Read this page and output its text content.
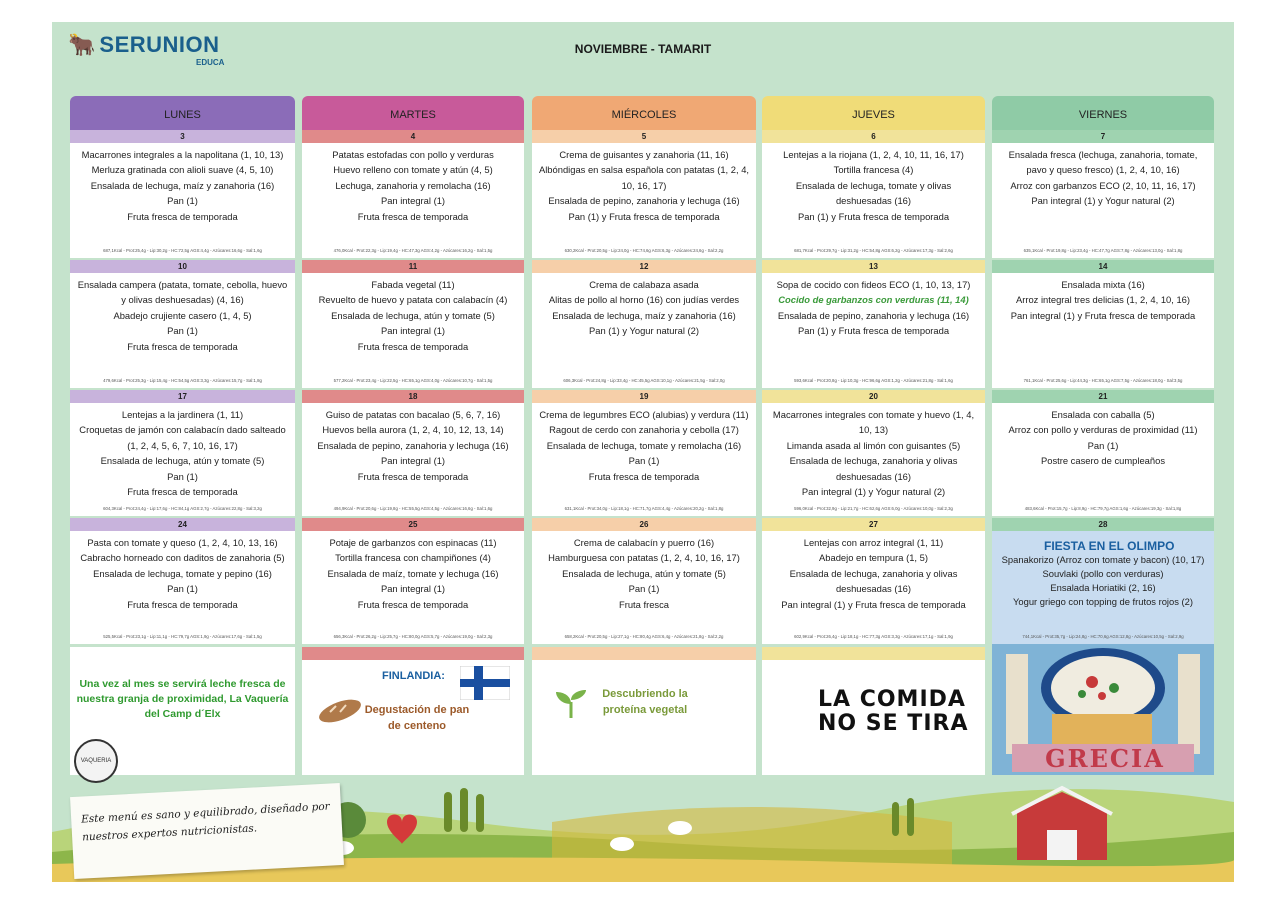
🐂 SERUNION
EDUCA
NOVIEMBRE - TAMARIT
LUNES	MARTES	MIÉRCOLES	JUEVES	VIERNES
3
Macarrones integrales a la napolitana (1, 10, 13)
Merluza gratinada con alioli suave (4, 5, 10)
Ensalada de lechuga, maíz y zanahoria (16)
Pan (1)
Fruta fresca de temporada
687,1Kcal - Prot:25,4g - Lip:30,2g - HC:72,5g AGS:4,4g - Azúcares:16,6g - Sal:1,6g
4
Patatas estofadas con pollo y verduras
Huevo relleno con tomate y atún (4, 5)
Lechuga, zanahoria y remolacha (16)
Pan integral (1)
Fruta fresca de temporada
476,0Kcal - Prot:22,3g - Lip:19,4g - HC:47,3g AGS:4,2g - Azúcares:16,2g - Sal:1,5g
5
Crema de guisantes y zanahoria (11, 16)
Albóndigas en salsa española con patatas (1, 2, 4, 10, 16, 17)
Ensalada de pepino, zanahoria y lechuga (16)
Pan (1) y Fruta fresca de temporada
630,2Kcal - Prot:20,5g - Lip:24,0g - HC:74,6g AGS:6,3g - Azúcares:24,6g - Sal:2,2g
6
Lentejas a la riojana (1, 2, 4, 10, 11, 16, 17)
Tortilla francesa (4)
Ensalada de lechuga, tomate y olivas deshuesadas (16)
Pan (1) y Fruta fresca de temporada
681,7Kcal - Prot:29,7g - Lip:31,2g - HC:54,8g AGS:6,2g - Azúcares:17,3g - Sal:2,6g
7
Ensalada fresca (lechuga, zanahoria, tomate, pavo y queso fresco) (1, 2, 4, 10, 16)
Arroz con garbanzos ECO (2, 10, 11, 16, 17)
Pan integral (1) y Yogur natural (2)
635,1Kcal - Prot:19,8g - Lip:23,4g - HC:47,7g AGS:7,8g - Azúcares:13,0g - Sal:1,8g
10
Ensalada campera (patata, tomate, cebolla, huevo y olivas deshuesadas) (4, 16)
Abadejo crujiente casero (1, 4, 5)
Pan (1)
Fruta fresca de temporada
479,6Kcal - Prot:25,3g - Lip:15,4g - HC:54,5g AGS:3,3g - Azúcares:15,7g - Sal:1,8g
11
Fabada vegetal (11)
Revuelto de huevo y patata con calabacín (4)
Ensalada de lechuga, atún y tomate (5)
Pan integral (1)
Fruta fresca de temporada
577,2Kcal - Prot:23,4g - Lip:22,5g - HC:65,1g AGS:4,0g - Azúcares:10,7g - Sal:1,5g
12
Crema de calabaza asada
Alitas de pollo al horno (16) con judías verdes
Ensalada de lechuga, maíz y zanahoria (16)
Pan (1) y Yogur natural (2)
606,3Kcal - Prot:24,8g - Lip:33,4g - HC:45,5g AGS:10,1g - Azúcares:21,5g - Sal:2,0g
13
Sopa de cocido con fideos ECO (1, 10, 13, 17)
Cocido de garbanzos con verduras (11, 14)
Ensalada de pepino, zanahoria y lechuga (16)
Pan (1) y Fruta fresca de temporada
593,6Kcal - Prot:20,8g - Lip:10,3g - HC:96,6g AGS:1,2g - Azúcares:21,8g - Sal:1,6g
14
Ensalada mixta (16)
Arroz integral tres delicias (1, 2, 4, 10, 16)
Pan integral (1) y Fruta fresca de temporada
761,1Kcal - Prot:25,6g - Lip:44,3g - HC:65,1g AGS:7,5g - Azúcares:18,0g - Sal:3,5g
17
Lentejas a la jardinera (1, 11)
Croquetas de jamón con calabacín dado salteado (1, 2, 4, 5, 6, 7, 10, 16, 17)
Ensalada de lechuga, atún y tomate (5)
Pan (1)
Fruta fresca de temporada
604,3Kcal - Prot:24,4g - Lip:17,6g - HC:84,1g AGS:2,7g - Azúcares:22,8g - Sal:3,2g
18
Guiso de patatas con bacalao (5, 6, 7, 16)
Huevos bella aurora (1, 2, 4, 10, 12, 13, 14)
Ensalada de pepino, zanahoria y lechuga (16)
Pan integral (1)
Fruta fresca de temporada
494,9Kcal - Prot:20,6g - Lip:19,8g - HC:55,5g AGS:4,5g - Azúcares:16,6g - Sal:1,6g
19
Crema de legumbres ECO (alubias) y verdura (11)
Ragout de cerdo con zanahoria y cebolla (17)
Ensalada de lechuga, tomate y remolacha (16)
Pan (1)
Fruta fresca de temporada
631,1Kcal - Prot:34,0g - Lip:18,1g - HC:71,7g AGS:4,4g - Azúcares:20,2g - Sal:1,8g
20
Macarrones integrales con tomate y huevo (1, 4, 10, 13)
Limanda asada al limón con guisantes (5)
Ensalada de lechuga, zanahoria y olivas deshuesadas (16)
Pan integral (1) y Yogur natural (2)
596,0Kcal - Prot:32,9g - Lip:21,7g - HC:62,6g AGS:6,0g - Azúcares:10,0g - Sal:2,3g
21
Ensalada con caballa (5)
Arroz con pollo y verduras de proximidad (11)
Pan (1)
Postre casero de cumpleaños
483,6Kcal - Prot:15,7g - Lip:8,9g - HC:79,7g AGS:1,6g - Azúcares:19,3g - Sal:1,8g
24
Pasta con tomate y queso (1, 2, 4, 10, 13, 16)
Cabracho horneado con daditos de zanahoria (5)
Ensalada de lechuga, tomate y pepino (16)
Pan (1)
Fruta fresca de temporada
525,5Kcal - Prot:23,1g - Lip:11,1g - HC:79,7g AGS:1,9g - Azúcares:17,6g - Sal:1,5g
25
Potaje de garbanzos con espinacas (11)
Tortilla francesa con champiñones (4)
Ensalada de maíz, tomate y lechuga (16)
Pan integral (1)
Fruta fresca de temporada
656,3Kcal - Prot:26,2g - Lip:25,7g - HC:80,0g AGS:5,7g - Azúcares:19,0g - Sal:2,3g
26
Crema de calabacín y puerro (16)
Hamburguesa con patatas (1, 2, 4, 10, 16, 17)
Ensalada de lechuga, atún y tomate (5)
Pan (1)
Fruta fresca
658,2Kcal - Prot:20,5g - Lip:27,1g - HC:80,4g AGS:6,4g - Azúcares:21,8g - Sal:2,2g
27
Lentejas con arroz integral (1, 11)
Abadejo en tempura (1, 5)
Ensalada de lechuga, zanahoria y olivas deshuesadas (16)
Pan integral (1) y Fruta fresca de temporada
602,9Kcal - Prot:26,4g - Lip:18,1g - HC:77,3g AGS:3,3g - Azúcares:17,1g - Sal:1,9g
28
FIESTA EN EL OLIMPO
Spanakorizo (Arroz con tomate y bacon) (10, 17)
Souvlaki (pollo con verduras)
Ensalada Horiatiki (2, 16)
Yogur griego con topping de frutos rojos (2)
744,1Kcal - Prot:35,7g - Lip:24,8g - HC:70,6g AGS:12,8g - Azúcares:10,5g - Sal:2,9g
Una vez al mes se servirá leche fresca de nuestra granja de proximidad, La Vaquería del Camp d´Elx
VAQUERIA
FINLANDIA:
Degustación de pan de centeno
Descubriendo la proteína vegetal	LA COMIDA
NO SE TIRA
GRECIA
Este menú es sano y equilibrado, diseñado por nuestros expertos nutricionistas.
